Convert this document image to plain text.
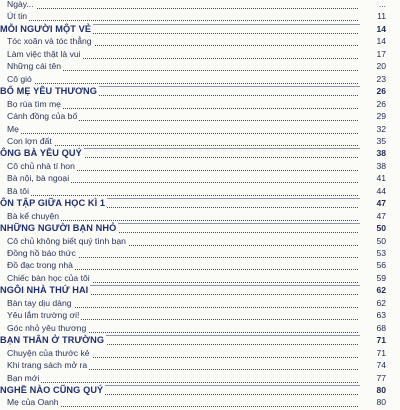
Ngày...	...
Út tin	11
MỖI NGƯỜI MỘT VẺ	14
Tóc xoăn và tóc thẳng	14
Làm việc thật là vui	17
Những cái tên	20
Cô gió	23
BỐ MẸ YÊU THƯƠNG	26
Bọ rùa tìm mẹ	26
Cánh đồng của bố	29
Mẹ	32
Con lợn đất	35
ÔNG BÀ YÊU QUÝ	38
Cô chủ nhà tí hon	38
Bà nội, bà ngoại	41
Bà tôi	44
ÔN TẬP GIỮA HỌC KÌ 1	47
Bà kể chuyện	47
NHỮNG NGƯỜI BẠN NHỎ	50
Cô chủ không biết quý tình bạn	50
Đồng hồ báo thức	53
Đồ đạc trong nhà	56
Chiếc bàn học của tôi	59
NGÔI NHÀ THỨ HAI	62
Bàn tay dịu dàng	62
Yêu lắm trường ơi!	63
Góc nhỏ yêu thương	68
BẠN THÂN Ở TRƯỜNG	71
Chuyện của thước kẻ	71
Khi trang sách mở ra	74
Bạn mới	77
NGHỀ NÀO CŨNG QUÝ	80
Mẹ của Oanh	80
